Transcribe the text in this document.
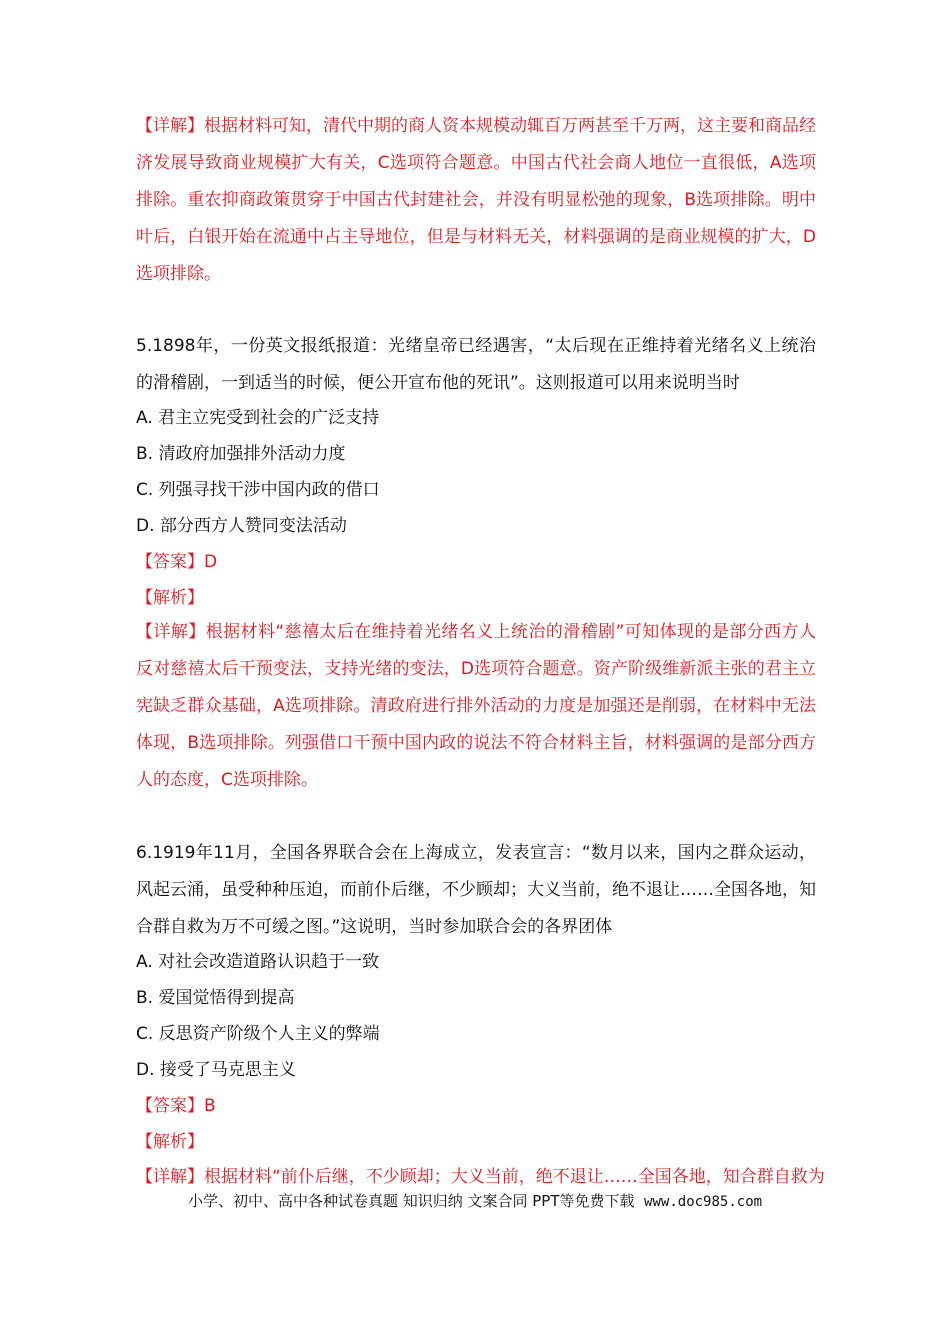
【详解】根据材料可知，清代中期的商人资本规模动辄百万两甚至千万两，这主要和商品经济发展导致商业规模扩大有关，C选项符合题意。中国古代社会商人地位一直很低，A选项排除。重农抑商政策贯穿于中国古代封建社会，并没有明显松弛的现象，B选项排除。明中叶后，白银开始在流通中占主导地位，但是与材料无关，材料强调的是商业规模的扩大，D选项排除。

5.1898年，一份英文报纸报道：光绪皇帝已经遇害，“太后现在正维持着光绪名义上统治的滑稽剧，一到适当的时候，便公开宣布他的死讯”。这则报道可以用来说明当时

A. 君主立宪受到社会的广泛支持

B. 清政府加强排外活动力度

C. 列强寻找干涉中国内政的借口

D. 部分西方人赞同变法活动

【答案】D

【解析】

【详解】根据材料“慈禧太后在维持着光绪名义上统治的滑稽剧”可知体现的是部分西方人反对慈禧太后干预变法，支持光绪的变法，D选项符合题意。资产阶级维新派主张的君主立宪缺乏群众基础，A选项排除。清政府进行排外活动的力度是加强还是削弱，在材料中无法体现，B选项排除。列强借口干预中国内政的说法不符合材料主旨，材料强调的是部分西方人的态度，C选项排除。

6.1919年11月，全国各界联合会在上海成立，发表宣言：“数月以来，国内之群众运动，风起云涌，虽受种种压迫，而前仆后继，不少顾却；大义当前，绝不退让……全国各地，知合群自救为万不可缓之图。”这说明，当时参加联合会的各界团体

A. 对社会改造道路认识趋于一致

B. 爱国觉悟得到提高

C. 反思资产阶级个人主义的弊端

D. 接受了马克思主义

【答案】B

【解析】

【详解】根据材料“前仆后继，不少顾却；大义当前，绝不退让……全国各地，知合群自救为

小学、初中、高中各种试卷真题 知识归纳 文案合同 PPT等免费下载 www.doc985.com
